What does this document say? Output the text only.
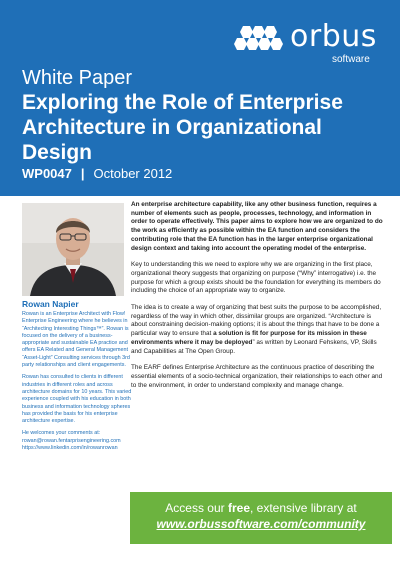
orbus
software
White Paper
Exploring the Role of Enterprise Architecture in Organizational Design
WP0047 | October 2012
Rowan Napier

Rowan is an Enterprise Architect with Flow! Enterprise Engineering where he believes in “Architecting Interesting Things™”. Rowan is focused on the delivery of a business-appropriate and sustainable EA practice and offers EA Related and General Management “Asset-Light” Consulting services through 3rd party relationships and client engagements.

Rowan has consulted to clients in different industries in different roles and across architecture domains for 10 years. This varied experience coupled with his education in both business and information technology spheres has provided the basis for his enterprise architecture expertise.

He welcomes your comments at:

rowan@rowan.fentarprisengineering.com

https://www.linkedin.com/in/rowanrowan

An enterprise architecture capability, like any other business function, requires a number of elements such as people, processes, technology, and information in order to operate effectively. This paper aims to explore how we are organized to do the work as efficiently as possible within the EA function and considers the contributing role that the EA function has in the larger enterprise organizational design context and taking into account the operating model of the enterprise.

Key to understanding this we need to explore why we are organizing in the first place, organizational theory suggests that organizing on purpose (“Why” interrogative) i.e. the purpose for which a group exists should be the foundation for everything its members do including the choice of an appropriate way to organize.

The idea is to create a way of organizing that best suits the purpose to be accomplished, regardless of the way in which other, dissimilar groups are organized. “Architecture is about constraining decision-making options; it is about the things that have to be done a particular way to ensure that a solution is fit for purpose for its mission in these environments where it may be deployed” as written by Leonard Fehskens, VP, Skills and Capabilities at The Open Group.

The EARF defines Enterprise Architecture as the continuous practice of describing the essential elements of a socio-technical organization, their relationships to each other and to the environment, in order to understand complexity and manage change.

Access our free, extensive library at
www.orbussoftware.com/community
